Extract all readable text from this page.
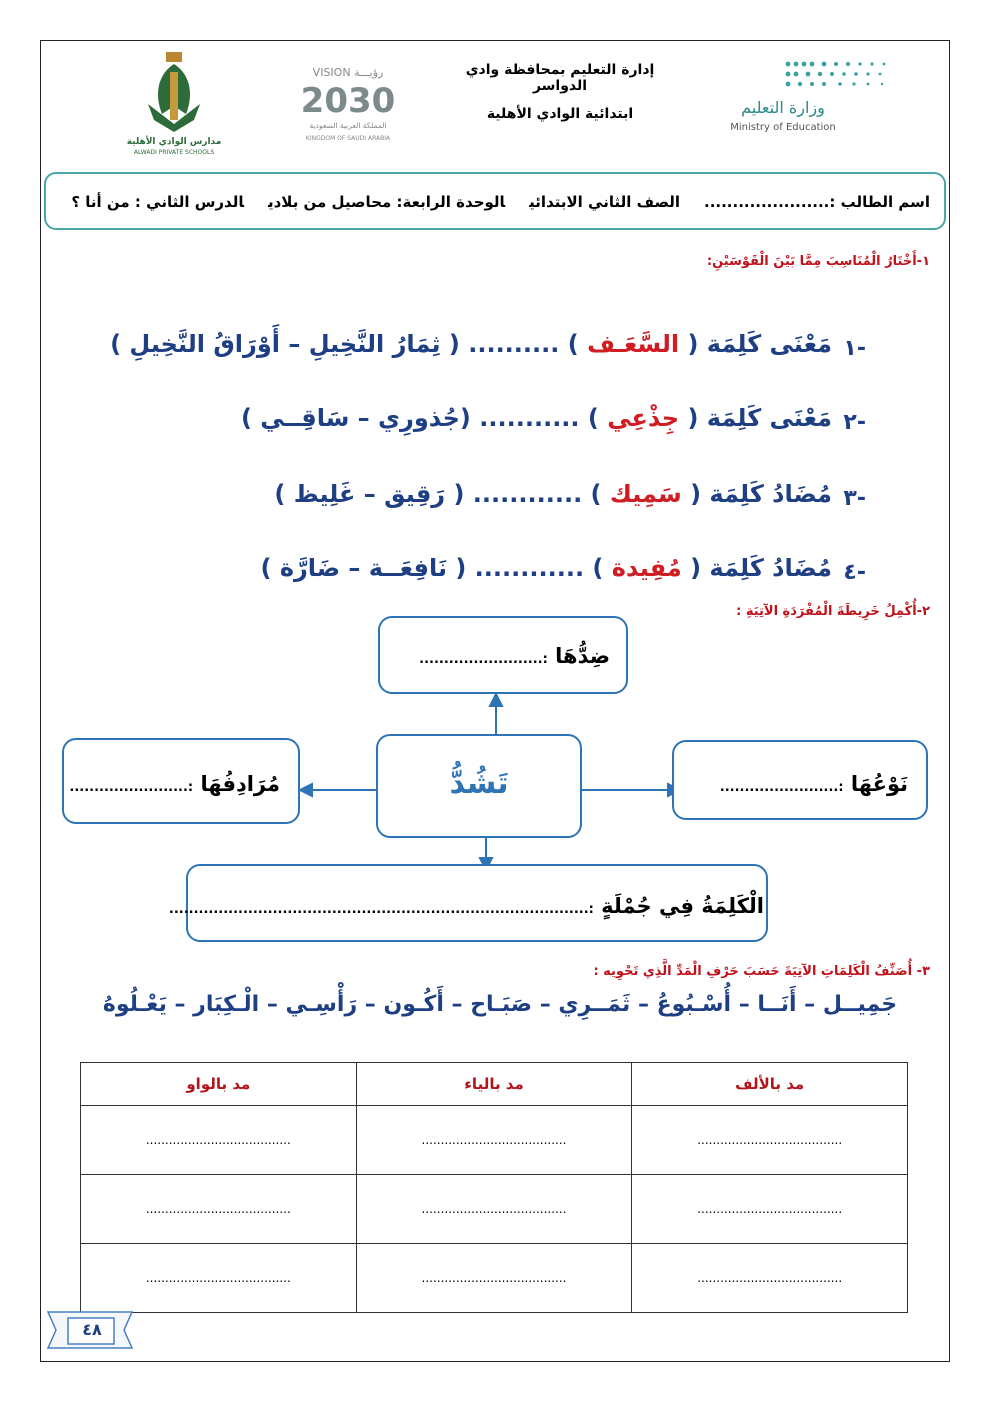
وزارة التعليم
Ministry of Education
إدارة التعليم بمحافظة وادي الدواسر
ابتدائية الوادي الأهلية
VISION رؤيـــة
2030
المملكة العربية السعودية
KINGDOM OF SAUDI ARABIA
مدارس الوادي الأهلية
ALWADI PRIVATE SCHOOLS
اسم الطالب :......................الصف الثاني الابتدائيالوحدة الرابعة: محاصيل من بلاديالدرس الثاني : من أنا ؟
١-أَخْتَارُ الْمُنَاسِبَ مِمَّا بَيْنَ الْقَوْسَيْنِ:
١-
مَعْنَى كَلِمَة ( السَّعَـف ) .......... ( ثِمَارُ النَّخِيلِ – أَوْرَاقُ النَّخِيلِ )
٢-
مَعْنَى كَلِمَة ( جِذْعِي ) ........... (جُذورِي – سَاقِــي )
٣-
مُضَادُ كَلِمَة ( سَمِيك ) ............ ( رَقِيق – غَلِيظ )
٤-
مُضَادُ كَلِمَة ( مُفِيدة ) ............ ( نَافِعَــة – ضَارَّة )
٢-أُكْمِلُ خَرِيطَةَ الْمُفْرَدَةِ الآتِيَةِ :
ضِدُّهَا :.........................
تَشُدُّ	نَوْعُهَا :........................
مُرَادِفُهَا :........................
الْكَلِمَةُ فِي جُمْلَةٍ :.....................................................................................
٣- أُصَنِّفُ الْكَلِمَاتِ الآتِيَةَ حَسَبَ حَرْفِ الْمَدِّ الَّذِي تَحْوِيه :
جَمِيــل – أَنَــا – أُسْـبُوعُ – ثَمَــرِي – صَبَـاح – أَكُـون – رَأْسِـي – الْـكِبَار – يَعْـلُوهُ
مد بالألف	مد بالياء	مد بالواو
......................................	......................................	......................................
......................................	......................................	......................................
......................................	......................................	......................................
٤٨
